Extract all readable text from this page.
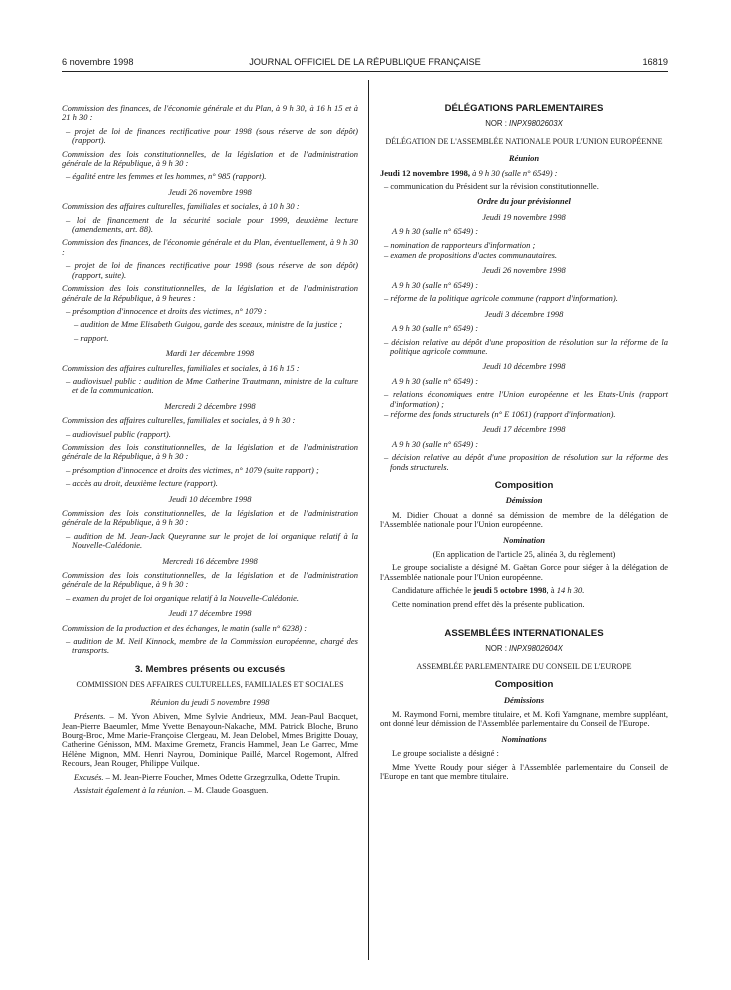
6 novembre 1998	JOURNAL OFFICIEL DE LA RÉPUBLIQUE FRANÇAISE	16819

Commission des finances, de l'économie générale et du Plan, à 9 h 30, à 16 h 15 et à 21 h 30 :

– projet de loi de finances rectificative pour 1998 (sous réserve de son dépôt) (rapport).

Commission des lois constitutionnelles, de la législation et de l'administration générale de la République, à 9 h 30 :

– égalité entre les femmes et les hommes, n° 985 (rapport).

Jeudi 26 novembre 1998

Commission des affaires culturelles, familiales et sociales, à 10 h 30 :

– loi de financement de la sécurité sociale pour 1999, deuxième lecture (amendements, art. 88).

Commission des finances, de l'économie générale et du Plan, éventuellement, à 9 h 30 :

– projet de loi de finances rectificative pour 1998 (sous réserve de son dépôt) (rapport, suite).

Commission des lois constitutionnelles, de la législation et de l'administration générale de la République, à 9 heures :

– présomption d'innocence et droits des victimes, n° 1079 :

– audition de Mme Elisabeth Guigou, garde des sceaux, ministre de la justice ;

– rapport.

Mardi 1er décembre 1998

Commission des affaires culturelles, familiales et sociales, à 16 h 15 :

– audiovisuel public : audition de Mme Catherine Trautmann, ministre de la culture et de la communication.

Mercredi 2 décembre 1998

Commission des affaires culturelles, familiales et sociales, à 9 h 30 :

– audiovisuel public (rapport).

Commission des lois constitutionnelles, de la législation et de l'administration générale de la République, à 9 h 30 :

– présomption d'innocence et droits des victimes, n° 1079 (suite rapport) ;

– accès au droit, deuxième lecture (rapport).

Jeudi 10 décembre 1998

Commission des lois constitutionnelles, de la législation et de l'administration générale de la République, à 9 h 30 :

– audition de M. Jean-Jack Queyranne sur le projet de loi organique relatif à la Nouvelle-Calédonie.

Mercredi 16 décembre 1998

Commission des lois constitutionnelles, de la législation et de l'administration générale de la République, à 9 h 30 :

– examen du projet de loi organique relatif à la Nouvelle-Calédonie.

Jeudi 17 décembre 1998

Commission de la production et des échanges, le matin (salle n° 6238) :

– audition de M. Neil Kinnock, membre de la Commission européenne, chargé des transports.

3. Membres présents ou excusés
COMMISSION DES AFFAIRES CULTURELLES, FAMILIALES ET SOCIALES
Réunion du jeudi 5 novembre 1998

Présents. – M. Yvon Abiven, Mme Sylvie Andrieux, MM. Jean-Paul Bacquet, Jean-Pierre Baeumler, Mme Yvette Benayoun-Nakache, MM. Patrick Bloche, Bruno Bourg-Broc, Mme Marie-Françoise Clergeau, M. Jean Delobel, Mmes Brigitte Douay, Catherine Génisson, MM. Maxime Gremetz, Francis Hammel, Jean Le Garrec, Mme Hélène Mignon, MM. Henri Nayrou, Dominique Paillé, Marcel Rogemont, Alfred Recours, Jean Rouger, Philippe Vuilque.

Excusés. – M. Jean-Pierre Foucher, Mmes Odette Grzegrzulka, Odette Trupin.

Assistait également à la réunion. – M. Claude Goasguen.

DÉLÉGATIONS PARLEMENTAIRES
NOR : INPX9802603X
DÉLÉGATION DE L'ASSEMBLÉE NATIONALE POUR L'UNION EUROPÉENNE
Réunion

Jeudi 12 novembre 1998, à 9 h 30 (salle n° 6549) :

– communication du Président sur la révision constitutionnelle.

Ordre du jour prévisionnel
Jeudi 19 novembre 1998

A 9 h 30 (salle n° 6549) :

– nomination de rapporteurs d'information ;

– examen de propositions d'actes communautaires.

Jeudi 26 novembre 1998

A 9 h 30 (salle n° 6549) :

– réforme de la politique agricole commune (rapport d'information).

Jeudi 3 décembre 1998

A 9 h 30 (salle n° 6549) :

– décision relative au dépôt d'une proposition de résolution sur la réforme de la politique agricole commune.

Jeudi 10 décembre 1998

A 9 h 30 (salle n° 6549) :

– relations économiques entre l'Union européenne et les Etats-Unis (rapport d'information) ;

– réforme des fonds structurels (n° E 1061) (rapport d'information).

Jeudi 17 décembre 1998

A 9 h 30 (salle n° 6549) :

– décision relative au dépôt d'une proposition de résolution sur la réforme des fonds structurels.

Composition
Démission

M. Didier Chouat a donné sa démission de membre de la délégation de l'Assemblée nationale pour l'Union européenne.

Nomination

(En application de l'article 25, alinéa 3, du règlement)

Le groupe socialiste a désigné M. Gaëtan Gorce pour siéger à la délégation de l'Assemblée nationale pour l'Union européenne.

Candidature affichée le jeudi 5 octobre 1998, à 14 h 30.

Cette nomination prend effet dès la présente publication.

ASSEMBLÉES INTERNATIONALES
NOR : INPX9802604X
ASSEMBLÉE PARLEMENTAIRE DU CONSEIL DE L'EUROPE
Composition
Démissions

M. Raymond Forni, membre titulaire, et M. Kofi Yamgnane, membre suppléant, ont donné leur démission de l'Assemblée parlementaire du Conseil de l'Europe.

Nominations

Le groupe socialiste a désigné :

Mme Yvette Roudy pour siéger à l'Assemblée parlementaire du Conseil de l'Europe en tant que membre titulaire.
